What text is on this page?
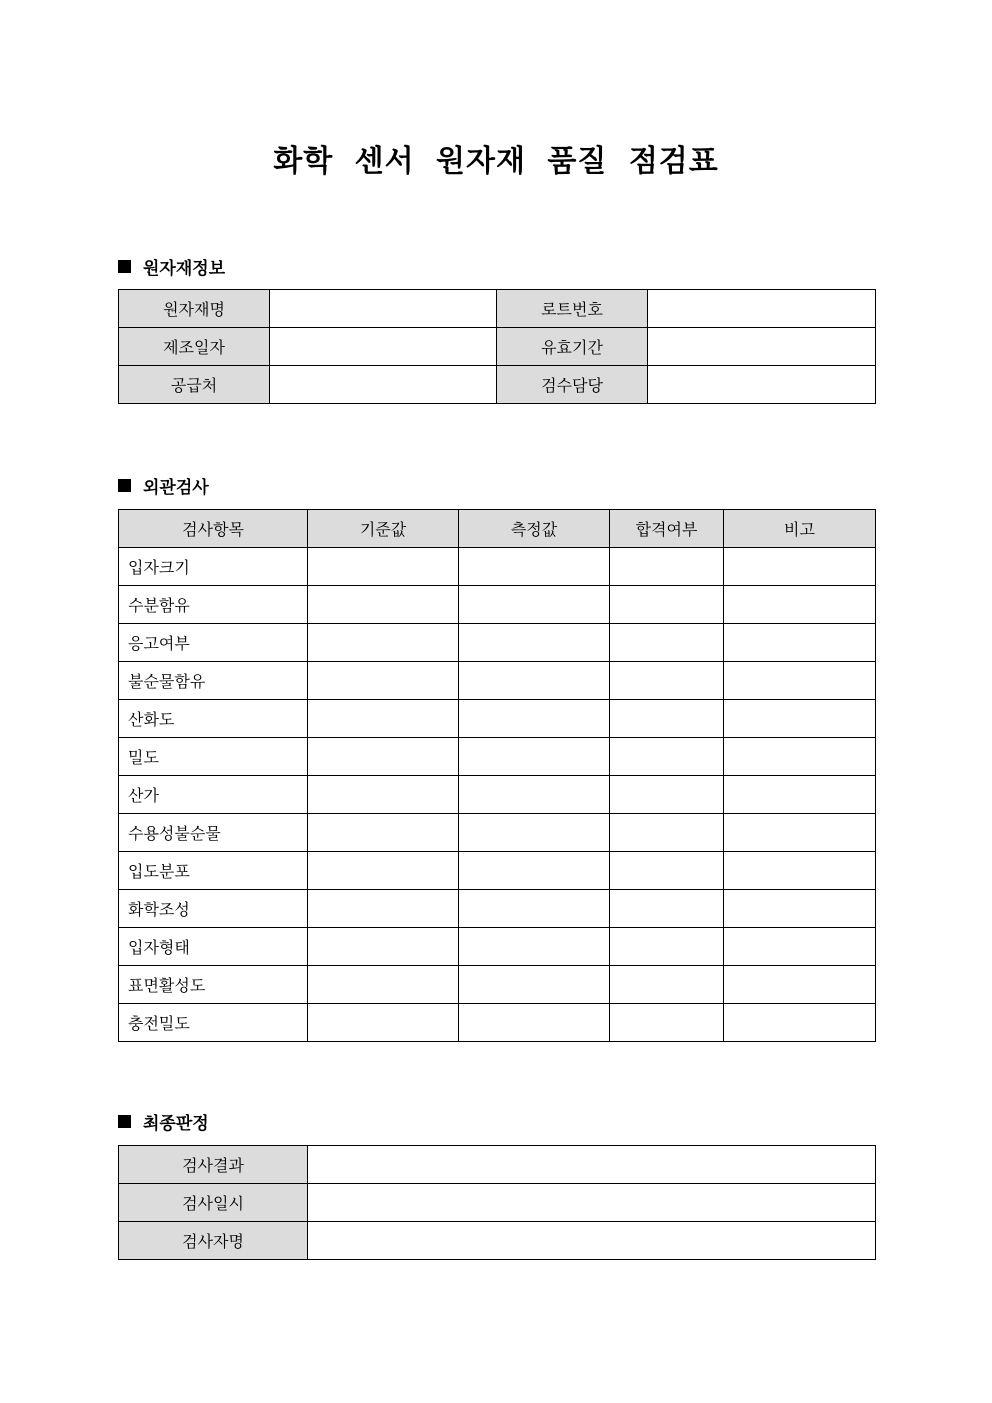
화학 센서 원자재 품질 점검표
원자재정보
원자재명		로트번호	
제조일자		유효기간	
공급처		검수담당	
외관검사
검사항목	기준값	측정값	합격여부	비고
입자크기				
수분함유				
응고여부				
불순물함유				
산화도				
밀도				
산가				
수용성불순물				
입도분포				
화학조성				
입자형태				
표면활성도				
충전밀도				
최종판정
검사결과	
검사일시	
검사자명	
